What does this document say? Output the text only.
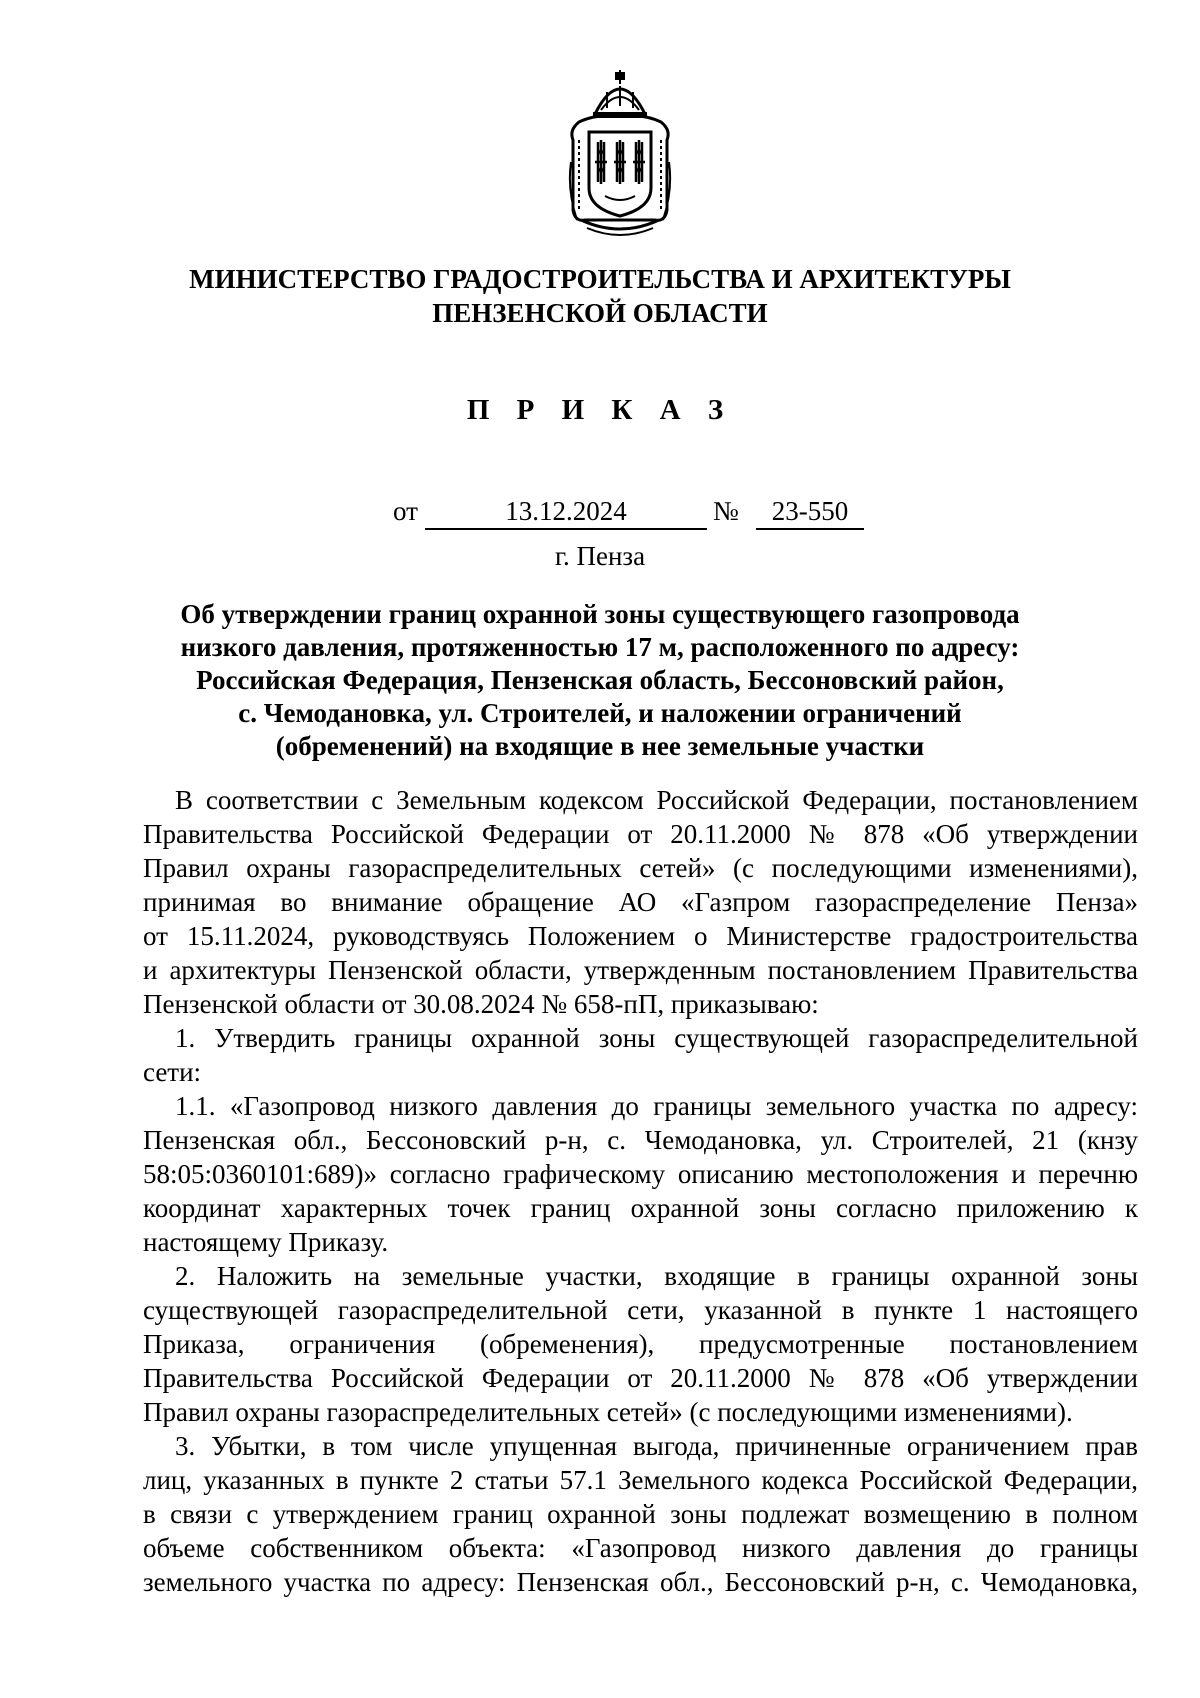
МИНИСТЕРСТВО ГРАДОСТРОИТЕЛЬСТВА И АРХИТЕКТУРЫ
ПЕНЗЕНСКОЙ ОБЛАСТИ
П Р И К А З
от	13.12.2024	№	23-550
г. Пенза
Об утверждении границ охранной зоны существующего газопровода
низкого давления, протяженностью 17 м, расположенного по адресу:
Российская Федерация, Пензенская область, Бессоновский район,
с. Чемодановка, ул. Строителей, и наложении ограничений
(обременений) на входящие в нее земельные участки
В соответствии с Земельным кодексом Российской Федерации, постановлением
Правительства Российской Федерации от 20.11.2000 № 878 «Об утверждении
Правил охраны газораспределительных сетей» (с последующими изменениями),
принимая во внимание обращение АО «Газпром газораспределение Пенза»
от 15.11.2024, руководствуясь Положением о Министерстве градостроительства
и архитектуры Пензенской области, утвержденным постановлением Правительства
Пензенской области от 30.08.2024 № 658-пП, приказываю:
1. Утвердить границы охранной зоны существующей газораспределительной
сети:
1.1. «Газопровод низкого давления до границы земельного участка по адресу:
Пензенская обл., Бессоновский р-н, с. Чемодановка, ул. Строителей, 21 (кнзу
58:05:0360101:689)» согласно графическому описанию местоположения и перечню
координат характерных точек границ охранной зоны согласно приложению к
настоящему Приказу.
2. Наложить на земельные участки, входящие в границы охранной зоны
существующей газораспределительной сети, указанной в пункте 1 настоящего
Приказа, ограничения (обременения), предусмотренные постановлением
Правительства Российской Федерации от 20.11.2000 № 878 «Об утверждении
Правил охраны газораспределительных сетей» (с последующими изменениями).
3. Убытки, в том числе упущенная выгода, причиненные ограничением прав
лиц, указанных в пункте 2 статьи 57.1 Земельного кодекса Российской Федерации,
в связи с утверждением границ охранной зоны подлежат возмещению в полном
объеме собственником объекта: «Газопровод низкого давления до границы
земельного участка по адресу: Пензенская обл., Бессоновский р-н, с. Чемодановка,
